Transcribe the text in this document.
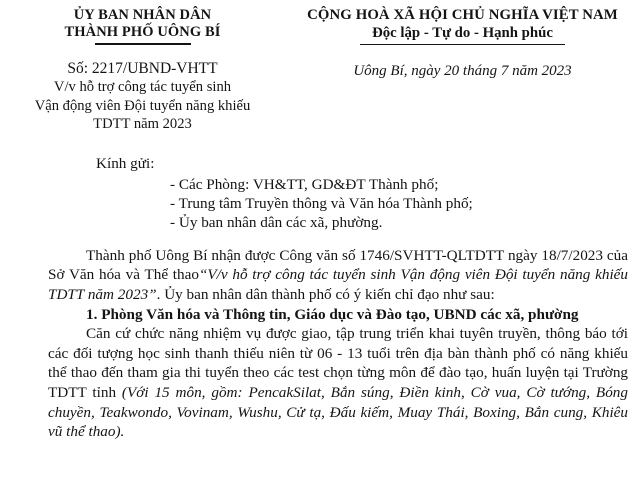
ỦY BAN NHÂN DÂN
THÀNH PHỐ UÔNG BÍ
CỘNG HOÀ XÃ HỘI CHỦ NGHĨA VIỆT NAM
Độc lập - Tự do - Hạnh phúc
Số: 2217/UBND-VHTT
V/v hỗ trợ công tác tuyển sinh
Vận động viên Đội tuyển năng khiếu
TDTT năm 2023
Uông Bí, ngày 20 tháng 7 năm 2023
Kính gửi:
- Các Phòng: VH&TT, GD&ĐT Thành phố;
- Trung tâm Truyền thông và Văn hóa Thành phố;
- Ủy ban nhân dân các xã, phường.

Thành phố Uông Bí nhận được Công văn số 1746/SVHTT-QLTDTT ngày 18/7/2023 của Sở Văn hóa và Thể thao“V/v hỗ trợ công tác tuyển sinh Vận động viên Đội tuyển năng khiếu TDTT năm 2023”. Ủy ban nhân dân thành phố có ý kiến chỉ đạo như sau:

1. Phòng Văn hóa và Thông tin, Giáo dục và Đào tạo, UBND các xã, phường

Căn cứ chức năng nhiệm vụ được giao, tập trung triển khai tuyên truyền, thông báo tới các đối tượng học sinh thanh thiếu niên từ 06 - 13 tuổi trên địa bàn thành phố có năng khiếu thể thao đến tham gia thi tuyển theo các test chọn từng môn để đào tạo, huấn luyện tại Trường TDTT tỉnh (Với 15 môn, gồm: PencakSilat, Bắn súng, Điền kinh, Cờ vua, Cờ tướng, Bóng chuyền, Teakwondo, Vovinam, Wushu, Cử tạ, Đấu kiếm, Muay Thái, Boxing, Bắn cung, Khiêu vũ thể thao).
